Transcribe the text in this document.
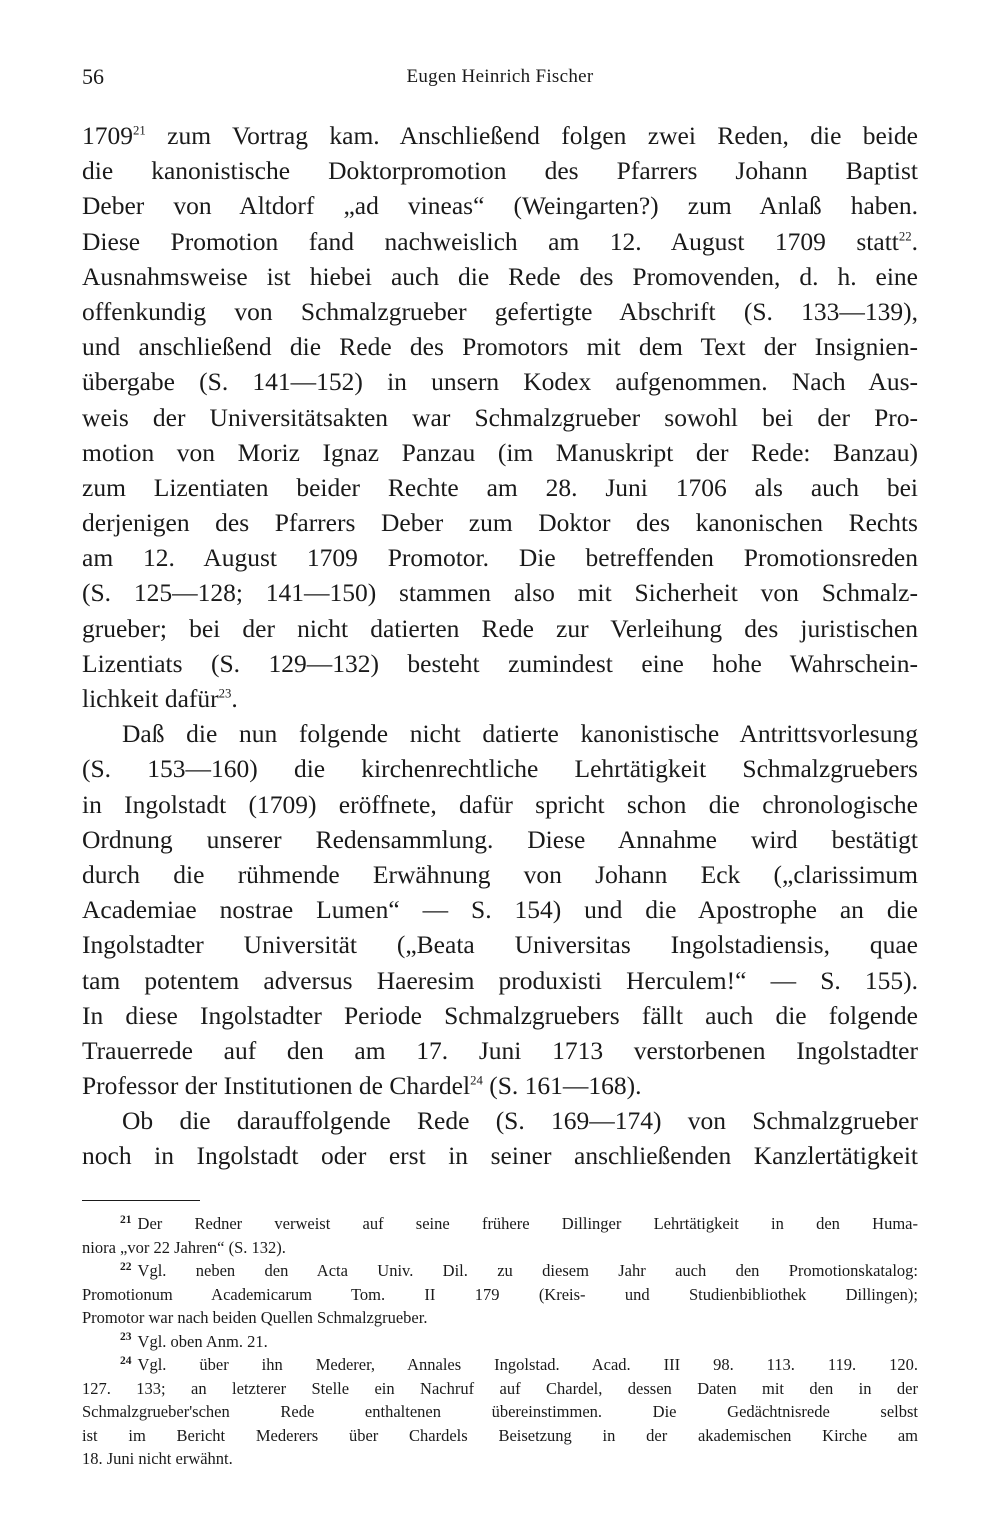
56	Eugen Heinrich Fischer
1709$^{21}$ zum Vortrag kam. Anschließend folgen zwei Reden, die beide
die kanonistische Doktorpromotion des Pfarrers Johann Baptist
Deber von Altdorf „ad vineas“ (Weingarten?) zum Anlaß haben.
Diese Promotion fand nachweislich am 12. August 1709 statt$^{22}$.
Ausnahmsweise ist hiebei auch die Rede des Promovenden, d. h. eine
offenkundig von Schmalzgrueber gefertigte Abschrift (S. 133—139),
und anschließend die Rede des Promotors mit dem Text der Insignien-
übergabe (S. 141—152) in unsern Kodex aufgenommen. Nach Aus-
weis der Universitätsakten war Schmalzgrueber sowohl bei der Pro-
motion von Moriz Ignaz Panzau (im Manuskript der Rede: Banzau)
zum Lizentiaten beider Rechte am 28. Juni 1706 als auch bei
derjenigen des Pfarrers Deber zum Doktor des kanonischen Rechts
am 12. August 1709 Promotor. Die betreffenden Promotionsreden
(S. 125—128; 141—150) stammen also mit Sicherheit von Schmalz-
grueber; bei der nicht datierten Rede zur Verleihung des juristischen
Lizentiats (S. 129—132) besteht zumindest eine hohe Wahrschein-
lichkeit dafür$^{23}$.
Daß die nun folgende nicht datierte kanonistische Antrittsvorlesung
(S. 153—160) die kirchenrechtliche Lehrtätigkeit Schmalzgruebers
in Ingolstadt (1709) eröffnete, dafür spricht schon die chronologische
Ordnung unserer Redensammlung. Diese Annahme wird bestätigt
durch die rühmende Erwähnung von Johann Eck („clarissimum
Academiae nostrae Lumen“ — S. 154) und die Apostrophe an die
Ingolstadter Universität („Beata Universitas Ingolstadiensis, quae
tam potentem adversus Haeresim produxisti Herculem!“ — S. 155).
In diese Ingolstadter Periode Schmalzgruebers fällt auch die folgende
Trauerrede auf den am 17. Juni 1713 verstorbenen Ingolstadter
Professor der Institutionen de Chardel$^{24}$ (S. 161—168).
Ob die darauffolgende Rede (S. 169—174) von Schmalzgrueber
noch in Ingolstadt oder erst in seiner anschließenden Kanzlertätigkeit
$^{21}$ Der Redner verweist auf seine frühere Dillinger Lehrtätigkeit in den Huma-
niora „vor 22 Jahren“ (S. 132).
$^{22}$ Vgl. neben den Acta Univ. Dil. zu diesem Jahr auch den Promotionskatalog:
Promotionum Academicarum Tom. II 179 (Kreis- und Studienbibliothek Dillingen);
Promotor war nach beiden Quellen Schmalzgrueber.
$^{23}$ Vgl. oben Anm. 21.
$^{24}$ Vgl. über ihn Mederer, Annales Ingolstad. Acad. III 98. 113. 119. 120.
127. 133; an letzterer Stelle ein Nachruf auf Chardel, dessen Daten mit den in der
Schmalzgrueber'schen Rede enthaltenen übereinstimmen. Die Gedächtnisrede selbst
ist im Bericht Mederers über Chardels Beisetzung in der akademischen Kirche am
18. Juni nicht erwähnt.
